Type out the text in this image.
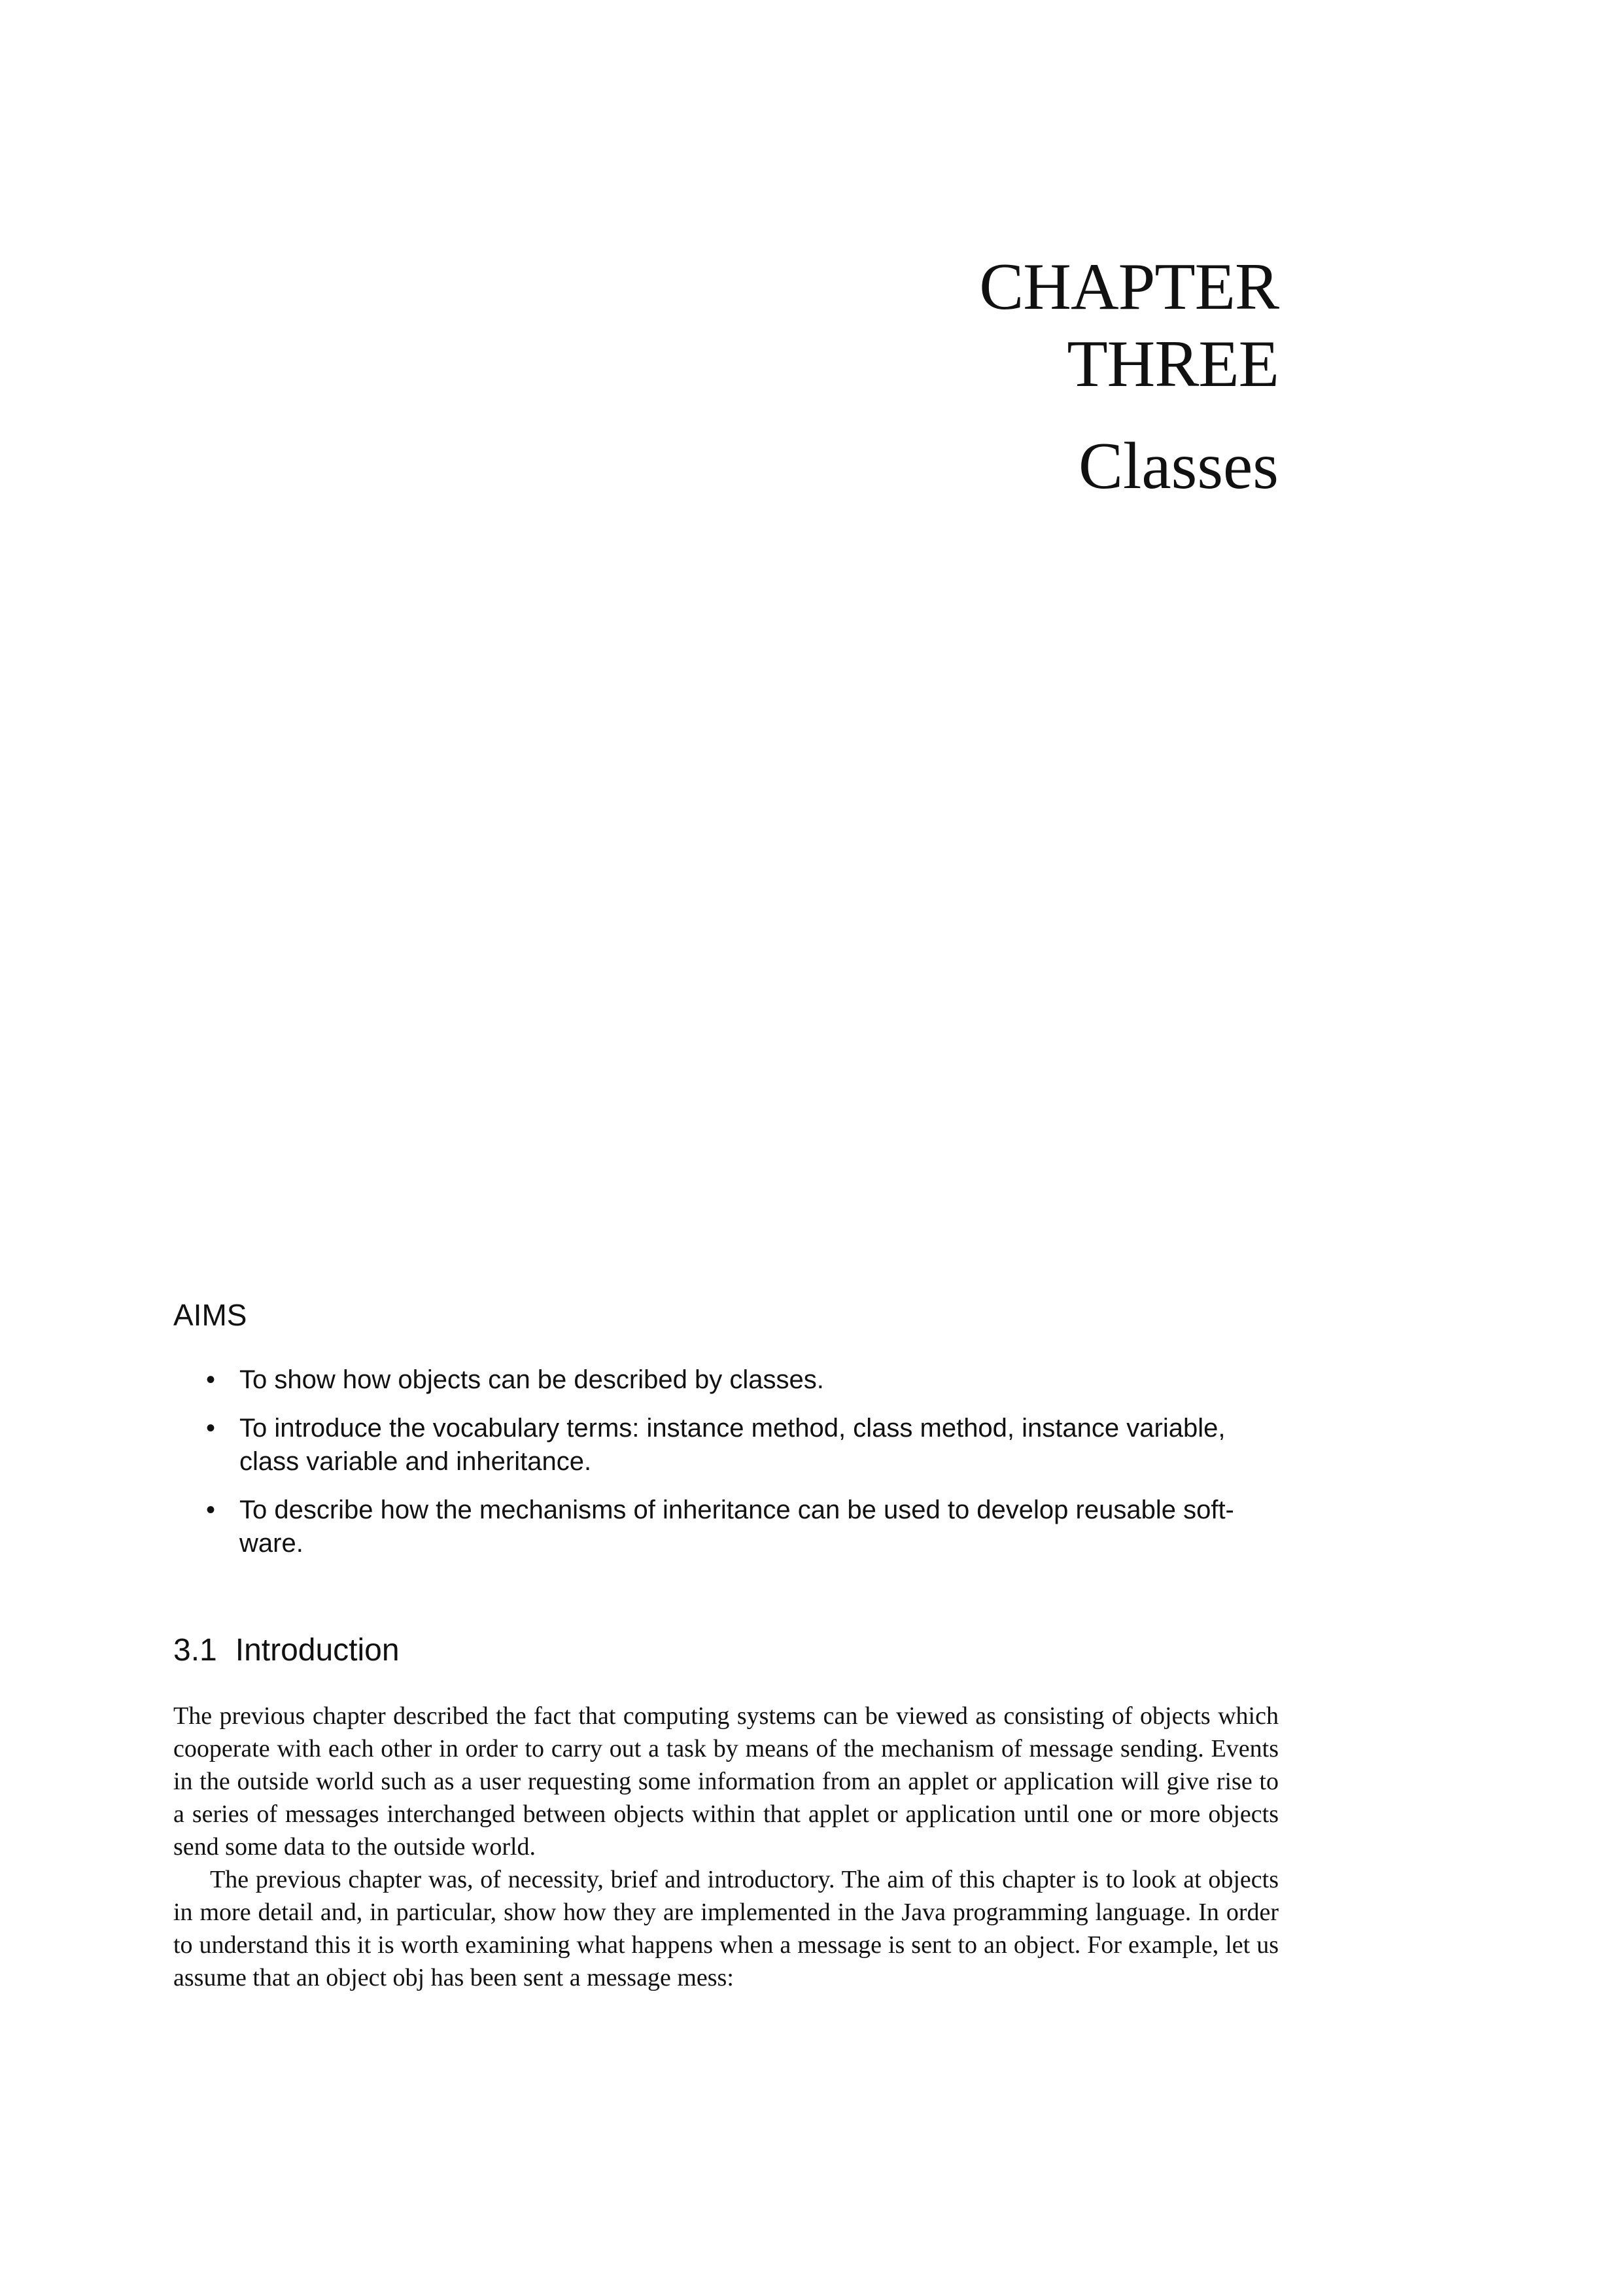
CHAPTER
THREE
Classes
AIMS
• To show how objects can be described by classes.
• To introduce the vocabulary terms: instance method, class method, instance variable, class variable and inheritance.
• To describe how the mechanisms of inheritance can be used to develop reusable soft-ware.
3.1 Introduction

The previous chapter described the fact that computing systems can be viewed as consisting of objects which cooperate with each other in order to carry out a task by means of the mechanism of message sending. Events in the outside world such as a user requesting some information from an applet or application will give rise to a series of messages interchanged between objects within that applet or application until one or more objects send some data to the outside world.

The previous chapter was, of necessity, brief and introductory. The aim of this chapter is to look at objects in more detail and, in particular, show how they are implemented in the Java programming language. In order to understand this it is worth examining what happens when a message is sent to an object. For example, let us assume that an object obj has been sent a message mess:
